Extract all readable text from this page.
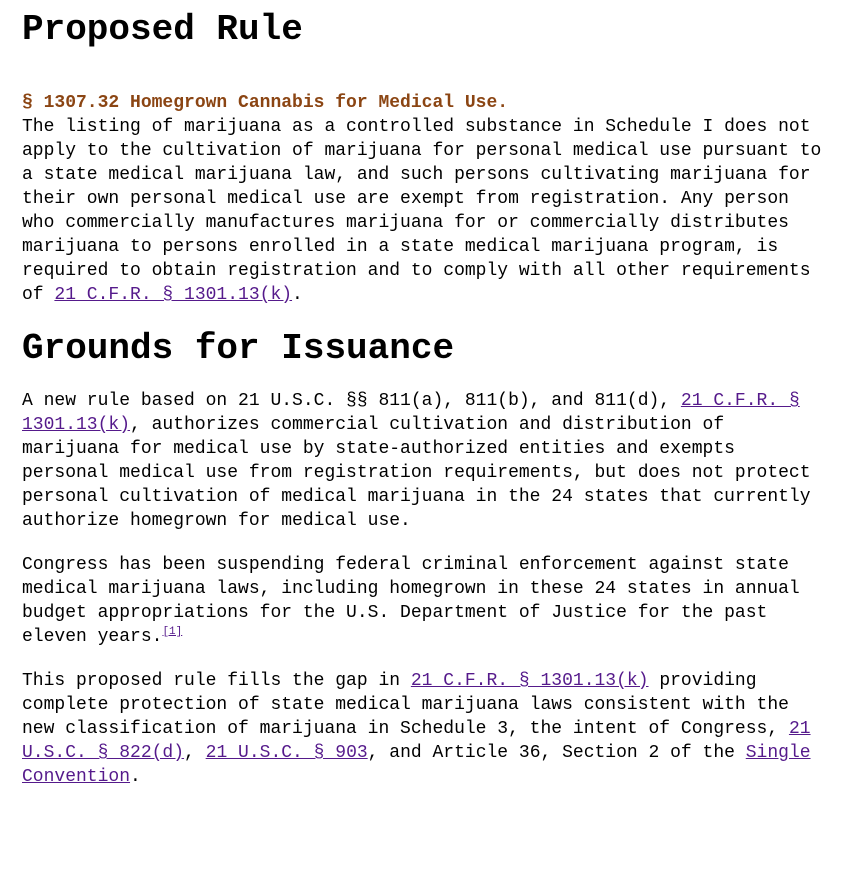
Proposed Rule
§ 1307.32 Homegrown Cannabis for Medical Use.

The listing of marijuana as a controlled substance in Schedule I does not apply to the cultivation of marijuana for personal medical use pursuant to a state medical marijuana law, and such persons cultivating marijuana for their own personal medical use are exempt from registration. Any person who commercially manufactures marijuana for or commercially distributes marijuana to persons enrolled in a state medical marijuana program, is required to obtain registration and to comply with all other requirements of 21 C.F.R. § 1301.13(k).

Grounds for Issuance

A new rule based on 21 U.S.C. §§ 811(a), 811(b), and 811(d), 21 C.F.R. § 1301.13(k), authorizes commercial cultivation and distribution of marijuana for medical use by state-authorized entities and exempts personal medical use from registration requirements, but does not protect personal cultivation of medical marijuana in the 24 states that currently authorize homegrown for medical use.

Congress has been suspending federal criminal enforcement against state medical marijuana laws, including homegrown in these 24 states in annual budget appropriations for the U.S. Department of Justice for the past eleven years.[1]

This proposed rule fills the gap in 21 C.F.R. § 1301.13(k) providing complete protection of state medical marijuana laws consistent with the new classification of marijuana in Schedule 3, the intent of Congress, 21 U.S.C. § 822(d), 21 U.S.C. § 903, and Article 36, Section 2 of the Single Convention.
